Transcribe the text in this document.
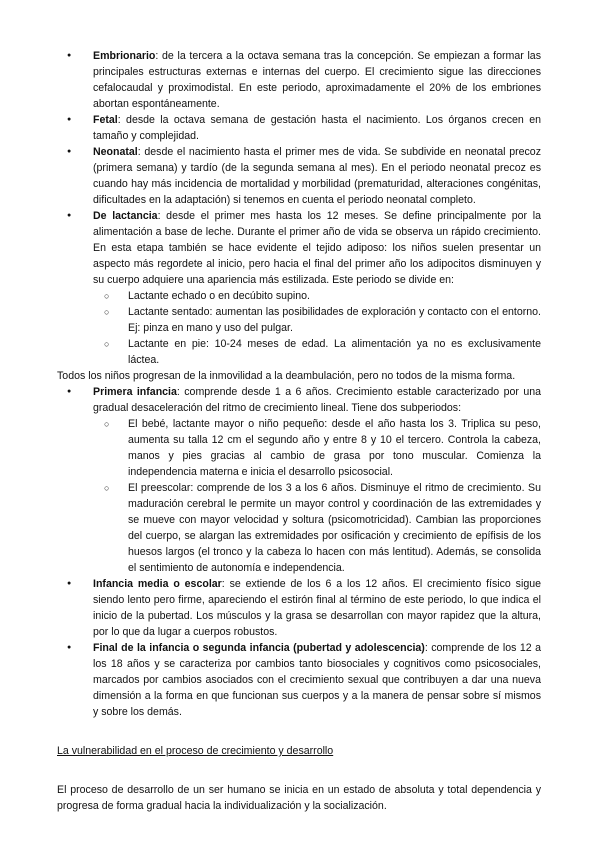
● Embrionario: de la tercera a la octava semana tras la concepción. Se empiezan a formar las principales estructuras externas e internas del cuerpo. El crecimiento sigue las direcciones cefalocaudal y proximodistal. En este periodo, aproximadamente el 20% de los embriones abortan espontáneamente.
● Fetal: desde la octava semana de gestación hasta el nacimiento. Los órganos crecen en tamaño y complejidad.
● Neonatal: desde el nacimiento hasta el primer mes de vida. Se subdivide en neonatal precoz (primera semana) y tardío (de la segunda semana al mes). En el periodo neonatal precoz es cuando hay más incidencia de mortalidad y morbilidad (prematuridad, alteraciones congénitas, dificultades en la adaptación) si tenemos en cuenta el periodo neonatal completo.
● De lactancia: desde el primer mes hasta los 12 meses. Se define principalmente por la alimentación a base de leche. Durante el primer año de vida se observa un rápido crecimiento. En esta etapa también se hace evidente el tejido adiposo: los niños suelen presentar un aspecto más regordete al inicio, pero hacia el final del primer año los adipocitos disminuyen y su cuerpo adquiere una apariencia más estilizada. Este periodo se divide en:
○ Lactante echado o en decúbito supino.
○ Lactante sentado: aumentan las posibilidades de exploración y contacto con el entorno. Ej: pinza en mano y uso del pulgar.
○ Lactante en pie: 10-24 meses de edad. La alimentación ya no es exclusivamente láctea.
Todos los niños progresan de la inmovilidad a la deambulación, pero no todos de la misma forma.
● Primera infancia: comprende desde 1 a 6 años. Crecimiento estable caracterizado por una gradual desaceleración del ritmo de crecimiento lineal. Tiene dos subperiodos:
○ El bebé, lactante mayor o niño pequeño: desde el año hasta los 3. Triplica su peso, aumenta su talla 12 cm el segundo año y entre 8 y 10 el tercero. Controla la cabeza, manos y pies gracias al cambio de grasa por tono muscular. Comienza la independencia materna e inicia el desarrollo psicosocial.
○ El preescolar: comprende de los 3 a los 6 años. Disminuye el ritmo de crecimiento. Su maduración cerebral le permite un mayor control y coordinación de las extremidades y se mueve con mayor velocidad y soltura (psicomotricidad). Cambian las proporciones del cuerpo, se alargan las extremidades por osificación y crecimiento de epífisis de los huesos largos (el tronco y la cabeza lo hacen con más lentitud). Además, se consolida el sentimiento de autonomía e independencia.
● Infancia media o escolar: se extiende de los 6 a los 12 años. El crecimiento físico sigue siendo lento pero firme, apareciendo el estirón final al término de este periodo, lo que indica el inicio de la pubertad. Los músculos y la grasa se desarrollan con mayor rapidez que la altura, por lo que da lugar a cuerpos robustos.
● Final de la infancia o segunda infancia (pubertad y adolescencia): comprende de los 12 a los 18 años y se caracteriza por cambios tanto biosociales y cognitivos como psicosociales, marcados por cambios asociados con el crecimiento sexual que contribuyen a dar una nueva dimensión a la forma en que funcionan sus cuerpos y a la manera de pensar sobre sí mismos y sobre los demás.
La vulnerabilidad en el proceso de crecimiento y desarrollo
El proceso de desarrollo de un ser humano se inicia en un estado de absoluta y total dependencia y progresa de forma gradual hacia la individualización y la socialización.
